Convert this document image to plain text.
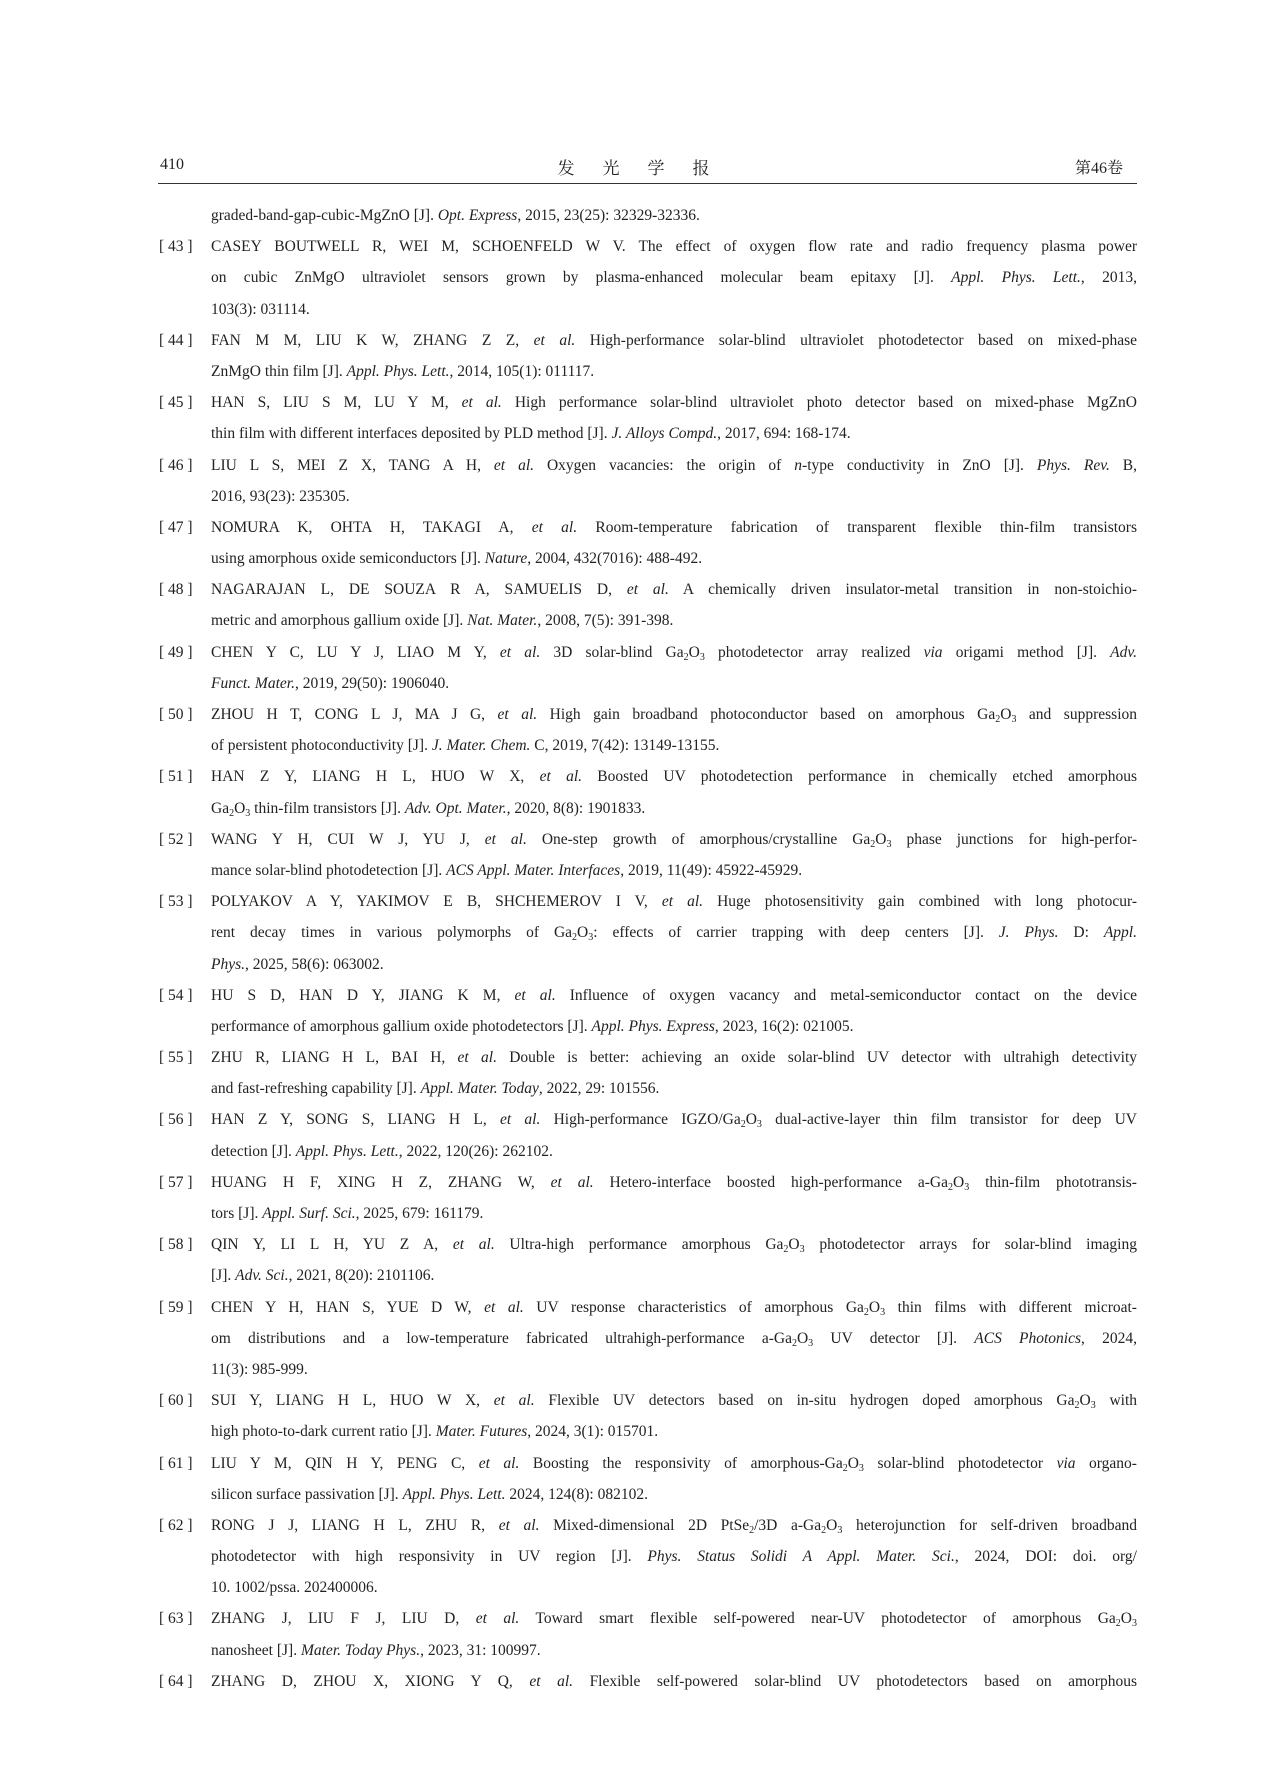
410	发光学报	第46卷
graded-band-gap-cubic-MgZnO [J]. Opt. Express, 2015, 23(25): 32329-32336.
[ 43 ] CASEY BOUTWELL R, WEI M, SCHOENFELD W V. The effect of oxygen flow rate and radio frequency plasma power
on cubic ZnMgO ultraviolet sensors grown by plasma-enhanced molecular beam epitaxy [J]. Appl. Phys. Lett., 2013,
103(3): 031114.
[ 44 ] FAN M M, LIU K W, ZHANG Z Z, et al. High-performance solar-blind ultraviolet photodetector based on mixed-phase
ZnMgO thin film [J]. Appl. Phys. Lett., 2014, 105(1): 011117.
[ 45 ] HAN S, LIU S M, LU Y M, et al. High performance solar-blind ultraviolet photo detector based on mixed-phase MgZnO
thin film with different interfaces deposited by PLD method [J]. J. Alloys Compd., 2017, 694: 168-174.
[ 46 ] LIU L S, MEI Z X, TANG A H, et al. Oxygen vacancies: the origin of n-type conductivity in ZnO [J]. Phys. Rev. B,
2016, 93(23): 235305.
[ 47 ] NOMURA K, OHTA H, TAKAGI A, et al. Room-temperature fabrication of transparent flexible thin-film transistors
using amorphous oxide semiconductors [J]. Nature, 2004, 432(7016): 488-492.
[ 48 ] NAGARAJAN L, DE SOUZA R A, SAMUELIS D, et al. A chemically driven insulator-metal transition in non-stoichio-
metric and amorphous gallium oxide [J]. Nat. Mater., 2008, 7(5): 391-398.
[ 49 ] CHEN Y C, LU Y J, LIAO M Y, et al. 3D solar-blind $Ga_2O_3$ photodetector array realized via origami method [J]. Adv.
Funct. Mater., 2019, 29(50): 1906040.
[ 50 ] ZHOU H T, CONG L J, MA J G, et al. High gain broadband photoconductor based on amorphous $Ga_2O_3$ and suppression
of persistent photoconductivity [J]. J. Mater. Chem. C, 2019, 7(42): 13149-13155.
[ 51 ] HAN Z Y, LIANG H L, HUO W X, et al. Boosted UV photodetection performance in chemically etched amorphous
$Ga_2O_3$ thin-film transistors [J]. Adv. Opt. Mater., 2020, 8(8): 1901833.
[ 52 ] WANG Y H, CUI W J, YU J, et al. One-step growth of amorphous/crystalline $Ga_2O_3$ phase junctions for high-perfor-
mance solar-blind photodetection [J]. ACS Appl. Mater. Interfaces, 2019, 11(49): 45922-45929.
[ 53 ] POLYAKOV A Y, YAKIMOV E B, SHCHEMEROV I V, et al. Huge photosensitivity gain combined with long photocur-
rent decay times in various polymorphs of $Ga_2O_3$: effects of carrier trapping with deep centers [J]. J. Phys. D: Appl.
Phys., 2025, 58(6): 063002.
[ 54 ] HU S D, HAN D Y, JIANG K M, et al. Influence of oxygen vacancy and metal-semiconductor contact on the device
performance of amorphous gallium oxide photodetectors [J]. Appl. Phys. Express, 2023, 16(2): 021005.
[ 55 ] ZHU R, LIANG H L, BAI H, et al. Double is better: achieving an oxide solar-blind UV detector with ultrahigh detectivity
and fast-refreshing capability [J]. Appl. Mater. Today, 2022, 29: 101556.
[ 56 ] HAN Z Y, SONG S, LIANG H L, et al. High-performance IGZO/$Ga_2O_3$ dual-active-layer thin film transistor for deep UV
detection [J]. Appl. Phys. Lett., 2022, 120(26): 262102.
[ 57 ] HUANG H F, XING H Z, ZHANG W, et al. Hetero-interface boosted high-performance $a-Ga_2O_3$ thin-film phototransis-
tors [J]. Appl. Surf. Sci., 2025, 679: 161179.
[ 58 ] QIN Y, LI L H, YU Z A, et al. Ultra-high performance amorphous $Ga_2O_3$ photodetector arrays for solar-blind imaging
[J]. Adv. Sci., 2021, 8(20): 2101106.
[ 59 ] CHEN Y H, HAN S, YUE D W, et al. UV response characteristics of amorphous $Ga_2O_3$ thin films with different microat-
om distributions and a low-temperature fabricated ultrahigh-performance $a-Ga_2O_3$ UV detector [J]. ACS Photonics, 2024,
11(3): 985-999.
[ 60 ] SUI Y, LIANG H L, HUO W X, et al. Flexible UV detectors based on in-situ hydrogen doped amorphous $Ga_2O_3$ with
high photo-to-dark current ratio [J]. Mater. Futures, 2024, 3(1): 015701.
[ 61 ] LIU Y M, QIN H Y, PENG C, et al. Boosting the responsivity of amorphous-$Ga_2O_3$ solar-blind photodetector via organo-
silicon surface passivation [J]. Appl. Phys. Lett. 2024, 124(8): 082102.
[ 62 ] RONG J J, LIANG H L, ZHU R, et al. Mixed-dimensional 2D PtSe$_2$/3D $a-Ga_2O_3$ heterojunction for self-driven broadband
photodetector with high responsivity in UV region [J]. Phys. Status Solidi A Appl. Mater. Sci., 2024, DOI: doi. org/
10. 1002/pssa. 202400006.
[ 63 ] ZHANG J, LIU F J, LIU D, et al. Toward smart flexible self-powered near-UV photodetector of amorphous $Ga_2O_3$
nanosheet [J]. Mater. Today Phys., 2023, 31: 100997.
[ 64 ] ZHANG D, ZHOU X, XIONG Y Q, et al. Flexible self-powered solar-blind UV photodetectors based on amorphous
